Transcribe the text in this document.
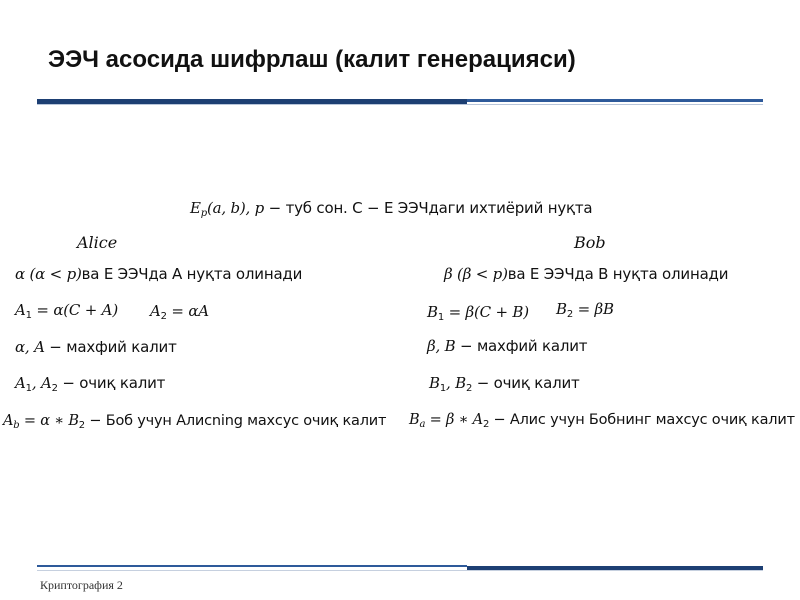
ЭЭЧ асосида шифрлаш (калит генерацияси)
$E_p(a$, b), p − туб сон. C − E ЭЭЧдаги ихтиёрий нуқта
Alice	Bob
α (α < p)ва E ЭЭЧда A нуқта олинади
$A_1 = \alpha(C + A) A_2 = \alpha A$
α, A − махфий калит
$A_1$, $A_2$ − очиқ калит
$A_b = \alpha$ ∗ $B_2$ − Боб учун Алисning махсус очиқ калит
β (β < p)ва E ЭЭЧда B нуқта олинади
$B_1 = \beta(C + B) B_2 = \beta B$
β, B − махфий калит
$B_1$, $B_2$ − очиқ калит
$B_a = \beta$ ∗ $A_2$ − Алис учун Бобнинг махсус очиқ калит
Криптография 2
